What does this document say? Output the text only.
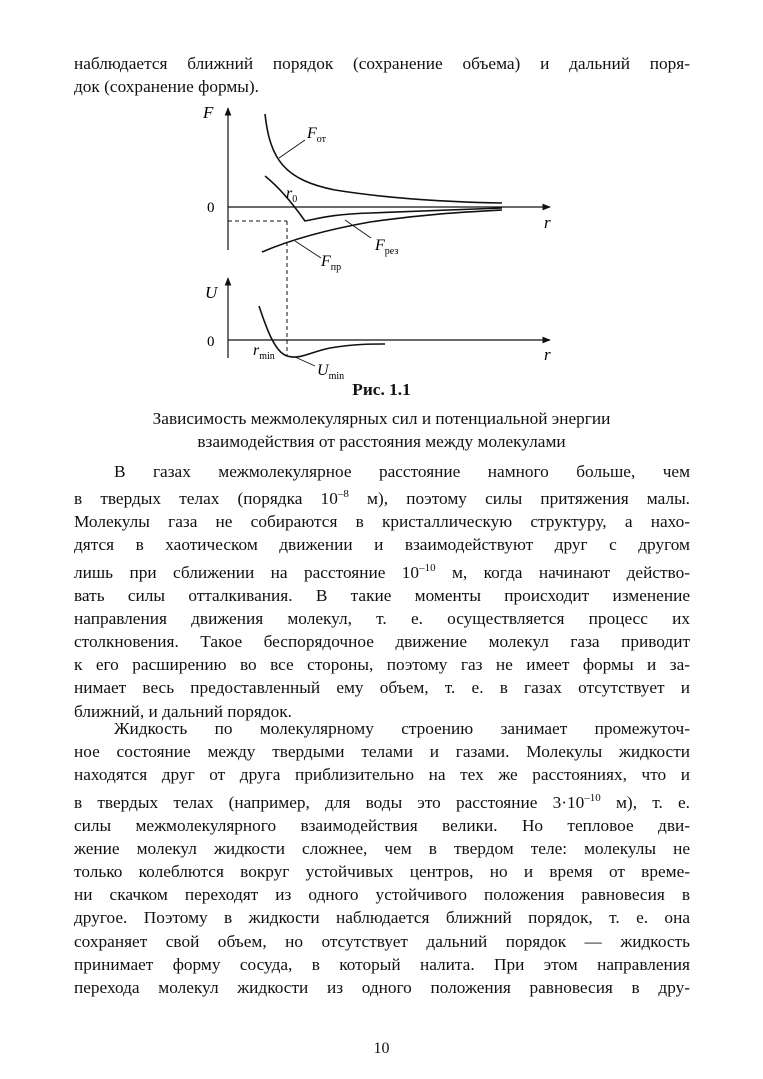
наблюдается ближний порядок (сохранение объема) и дальний поря-
док (сохранение формы).

F
0
r
$F_{от}$
$F_{рез}$
$F_{пр}$
$r_0$
U
0
r
$r_{min}$
$U_{min}$
Рис. 1.1
Зависимость межмолекулярных сил и потенциальной энергии
взаимодействия от расстояния между молекулами

В газах межмолекулярное расстояние намного больше, чем
в твердых телах (порядка $10^{-8}$ м), поэтому силы притяжения малы.
Молекулы газа не собираются в кристаллическую структуру, а нахо-
дятся в хаотическом движении и взаимодействуют друг с другом
лишь при сближении на расстояние $10^{-10}$ м, когда начинают действо-
вать силы отталкивания. В такие моменты происходит изменение
направления движения молекул, т. е. осуществляется процесс их
столкновения. Такое беспорядочное движение молекул газа приводит
к его расширению во все стороны, поэтому газ не имеет формы и за-
нимает весь предоставленный ему объем, т. е. в газах отсутствует и
ближний, и дальний порядок.

Жидкость по молекулярному строению занимает промежуточ-
ное состояние между твердыми телами и газами. Молекулы жидкости
находятся друг от друга приблизительно на тех же расстояниях, что и
в твердых телах (например, для воды это расстояние $3\cdot 10^{-10}$ м), т. е.
силы межмолекулярного взаимодействия велики. Но тепловое дви-
жение молекул жидкости сложнее, чем в твердом теле: молекулы не
только колеблются вокруг устойчивых центров, но и время от време-
ни скачком переходят из одного устойчивого положения равновесия в
другое. Поэтому в жидкости наблюдается ближний порядок, т. е. она
сохраняет свой объем, но отсутствует дальний порядок — жидкость
принимает форму сосуда, в который налита. При этом направления
перехода молекул жидкости из одного положения равновесия в дру-

10
